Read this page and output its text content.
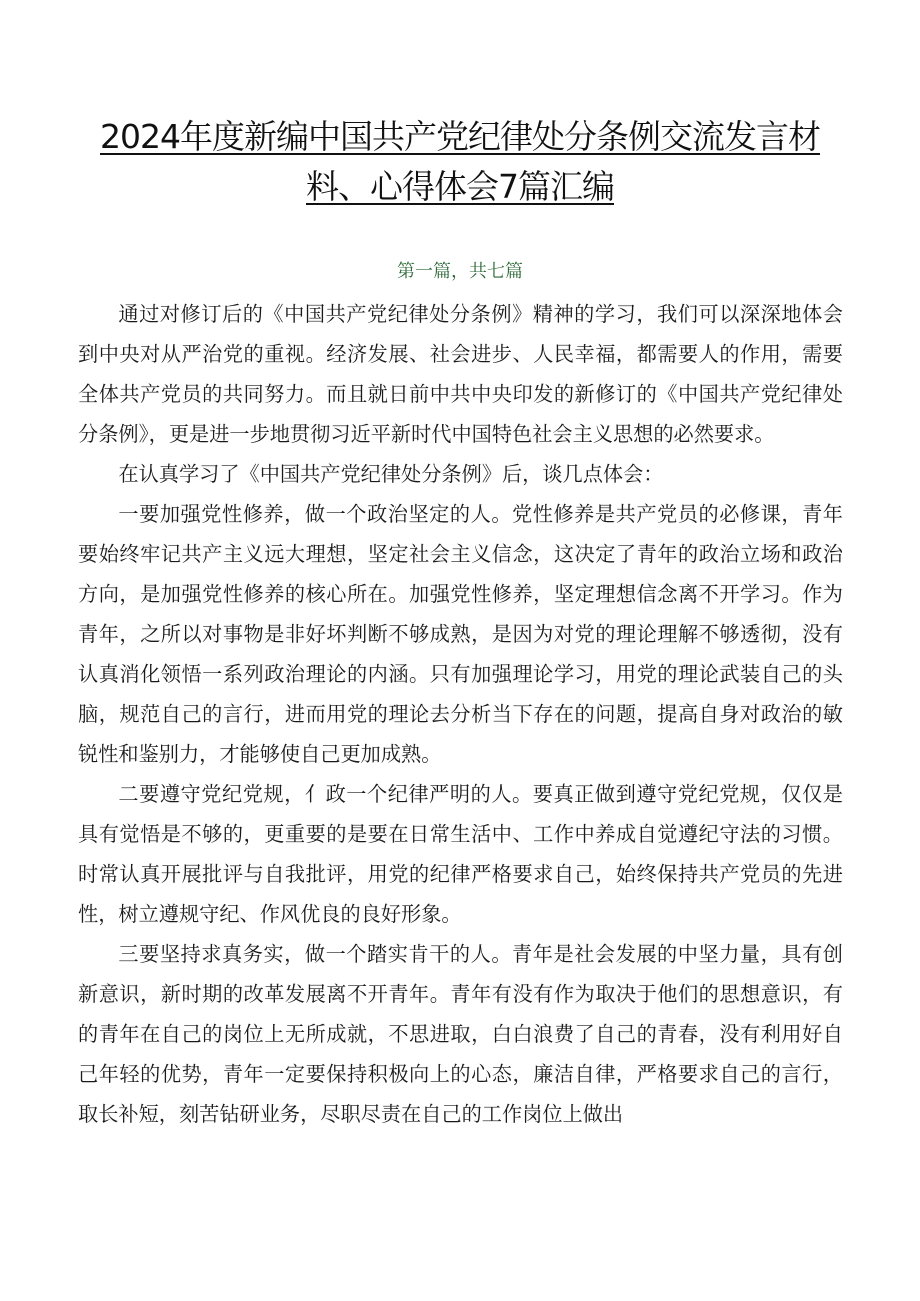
2024年度新编中国共产党纪律处分条例交流发言材料、心得体会7篇汇编
第一篇，共七篇

通过对修订后的《中国共产党纪律处分条例》精神的学习，我们可以深深地体会到中央对从严治党的重视。经济发展、社会进步、人民幸福，都需要人的作用，需要全体共产党员的共同努力。而且就日前中共中央印发的新修订的《中国共产党纪律处分条例》，更是进一步地贯彻习近平新时代中国特色社会主义思想的必然要求。

在认真学习了《中国共产党纪律处分条例》后，谈几点体会：

一要加强党性修养，做一个政治坚定的人。党性修养是共产党员的必修课，青年要始终牢记共产主义远大理想，坚定社会主义信念，这决定了青年的政治立场和政治方向，是加强党性修养的核心所在。加强党性修养，坚定理想信念离不开学习。作为青年，之所以对事物是非好坏判断不够成熟，是因为对党的理论理解不够透彻，没有认真消化领悟一系列政治理论的内涵。只有加强理论学习，用党的理论武装自己的头脑，规范自己的言行，进而用党的理论去分析当下存在的问题，提高自身对政治的敏锐性和鉴别力，才能够使自己更加成熟。

二要遵守党纪党规，亻政一个纪律严明的人。要真正做到遵守党纪党规，仅仅是具有觉悟是不够的，更重要的是要在日常生活中、工作中养成自觉遵纪守法的习惯。时常认真开展批评与自我批评，用党的纪律严格要求自己，始终保持共产党员的先进性，树立遵规守纪、作风优良的良好形象。

三要坚持求真务实，做一个踏实肯干的人。青年是社会发展的中坚力量，具有创新意识，新时期的改革发展离不开青年。青年有没有作为取决于他们的思想意识，有的青年在自己的岗位上无所成就，不思进取，白白浪费了自己的青春，没有利用好自己年轻的优势，青年一定要保持积极向上的心态，廉洁自律，严格要求自己的言行，取长补短，刻苦钻研业务，尽职尽责在自己的工作岗位上做出
